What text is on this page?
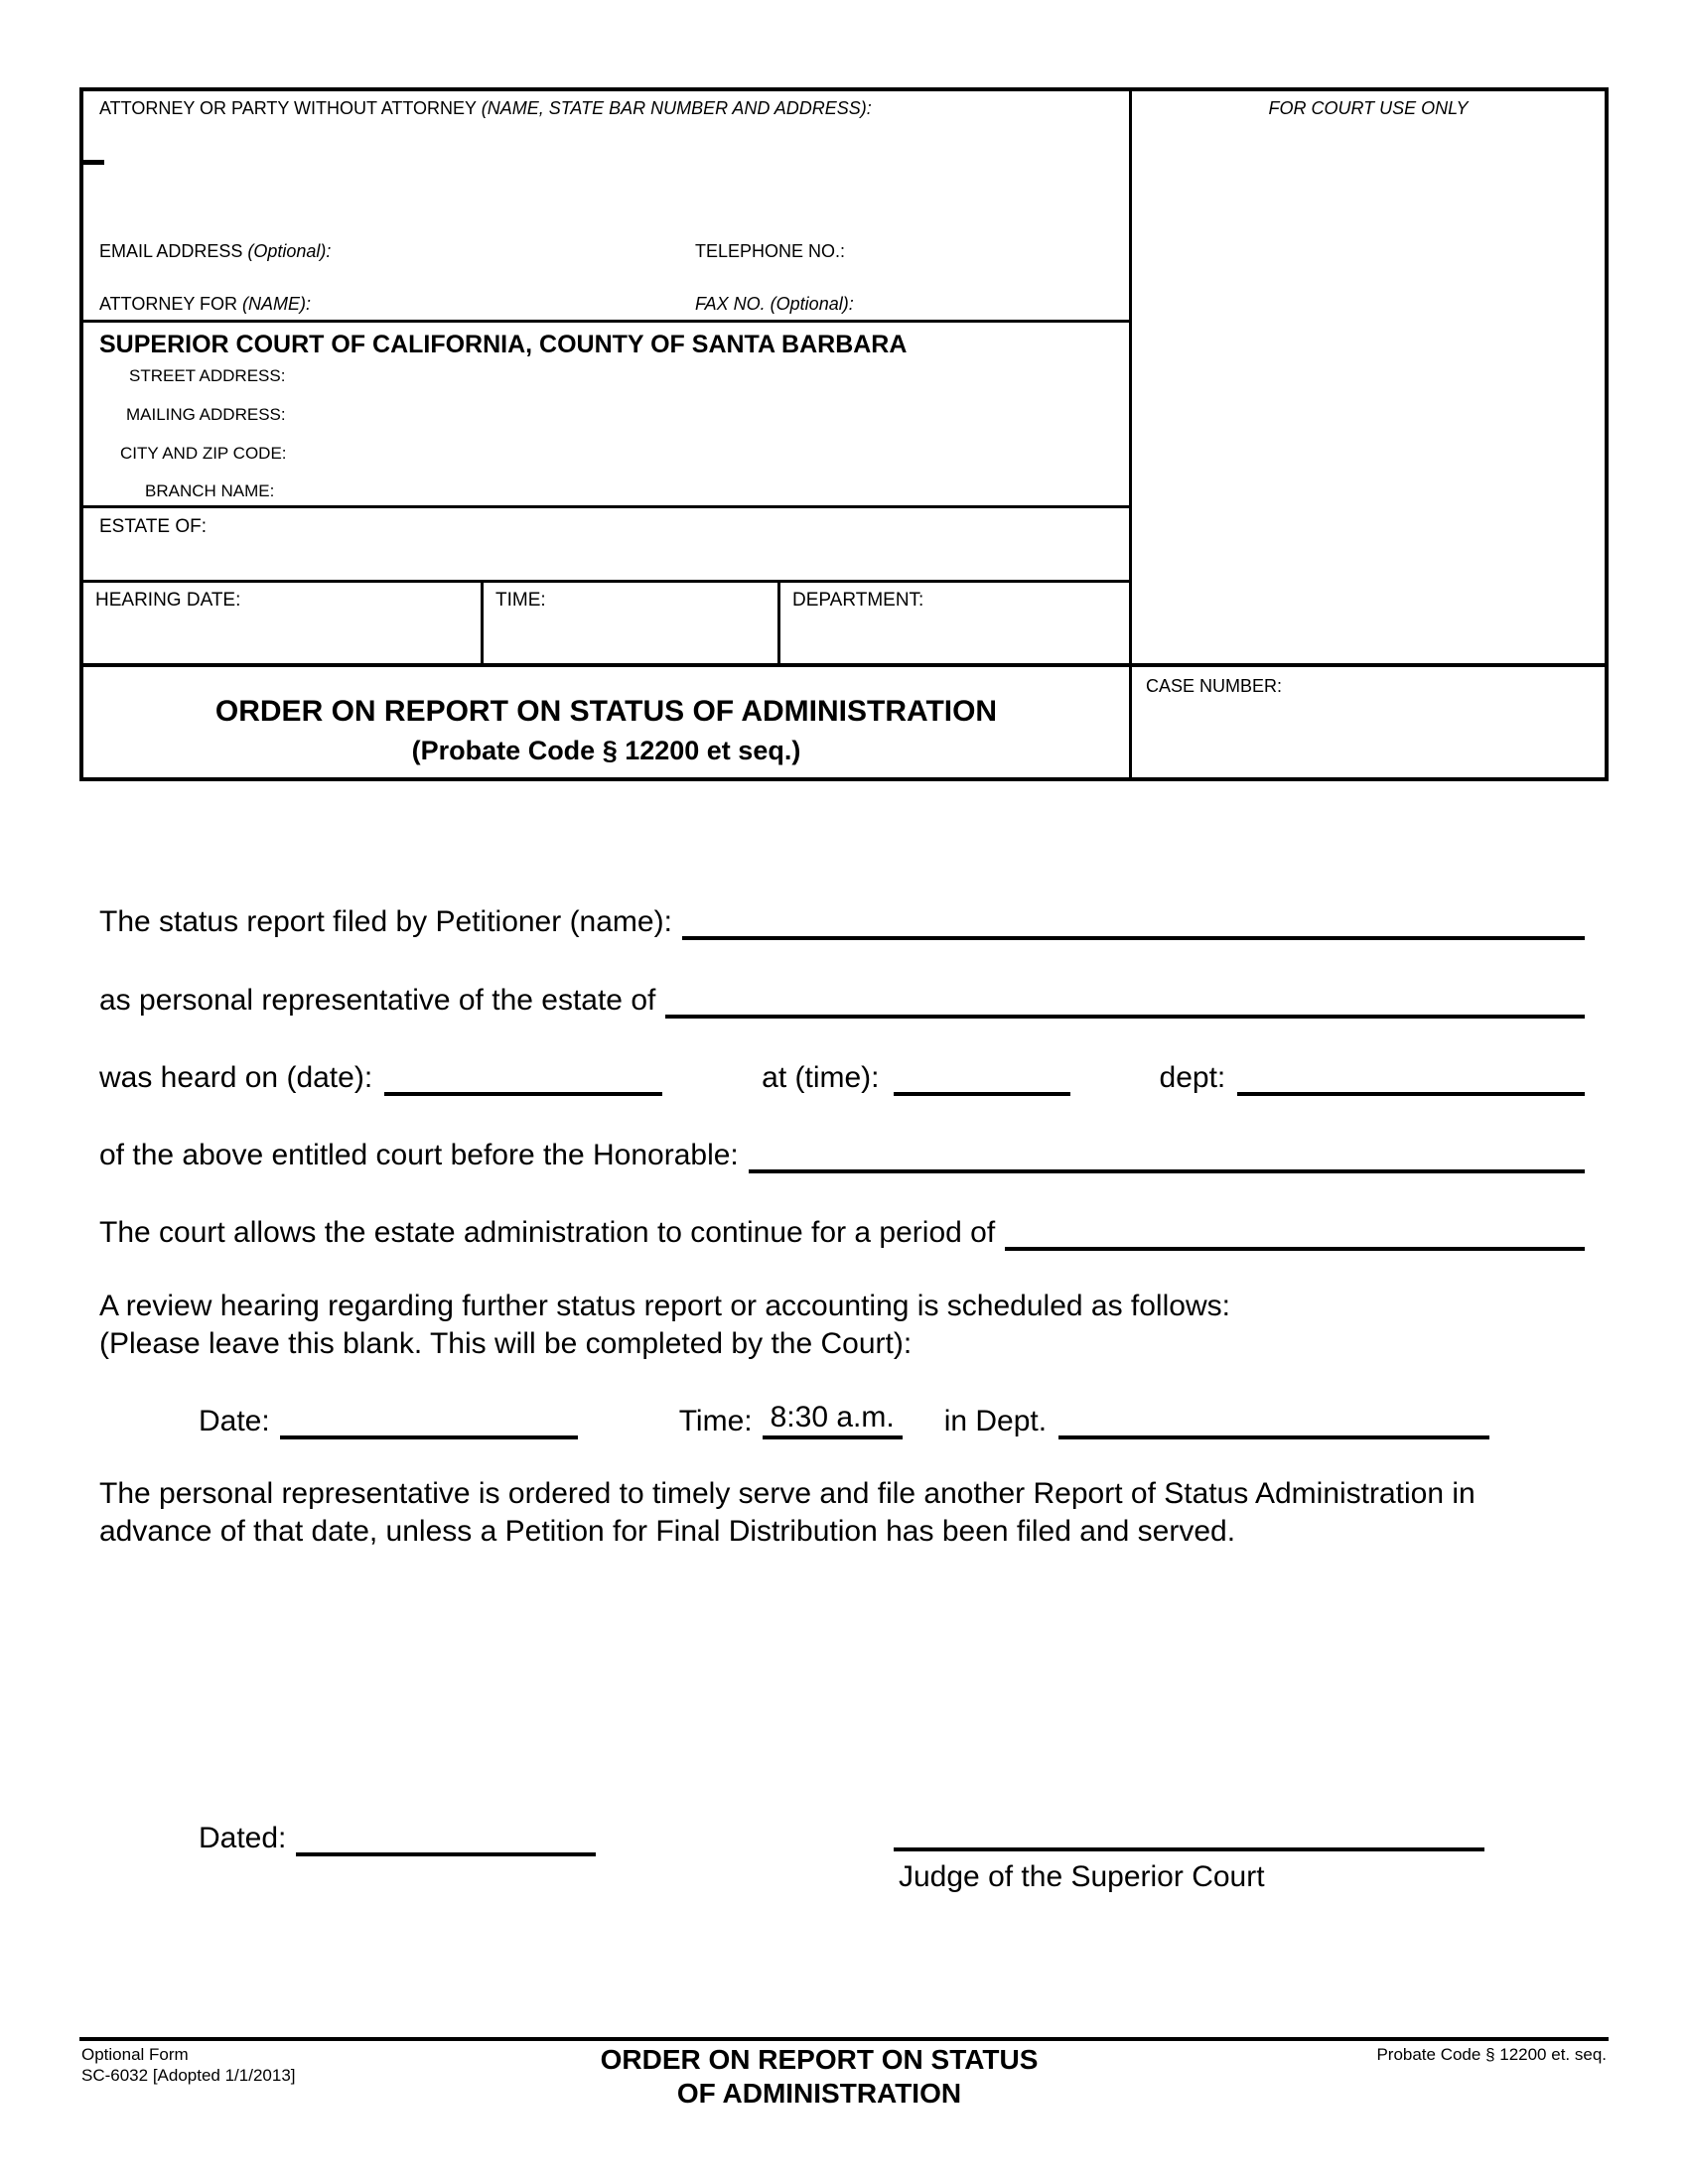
ATTORNEY OR PARTY WITHOUT ATTORNEY (NAME, STATE BAR NUMBER AND ADDRESS):
EMAIL ADDRESS (Optional):	TELEPHONE NO.:
ATTORNEY FOR (NAME):	FAX NO. (Optional):
SUPERIOR COURT OF CALIFORNIA, COUNTY OF SANTA BARBARA
STREET ADDRESS:
MAILING ADDRESS:
CITY AND ZIP CODE:
BRANCH NAME:
ESTATE OF:
HEARING DATE:	TIME:	DEPARTMENT:
ORDER ON REPORT ON STATUS OF ADMINISTRATION
(Probate Code § 12200 et seq.)
FOR COURT USE ONLY
CASE NUMBER:
The status report filed by Petitioner (name):
as personal representative of the estate of
was heard on (date):	at (time):	dept:
of the above entitled court before the Honorable:
The court allows the estate administration to continue for a period of
A review hearing regarding further status report or accounting is scheduled as follows:
(Please leave this blank. This will be completed by the Court):
Date:	Time: 8:30 a.m. in Dept.
The personal representative is ordered to timely serve and file another Report of Status Administration in advance of that date, unless a Petition for Final Distribution has been filed and served.
Dated:
Judge of the Superior Court
Optional Form
SC-6032 [Adopted 1/1/2013]
ORDER ON REPORT ON STATUS
OF ADMINISTRATION
Probate Code § 12200 et. seq.
